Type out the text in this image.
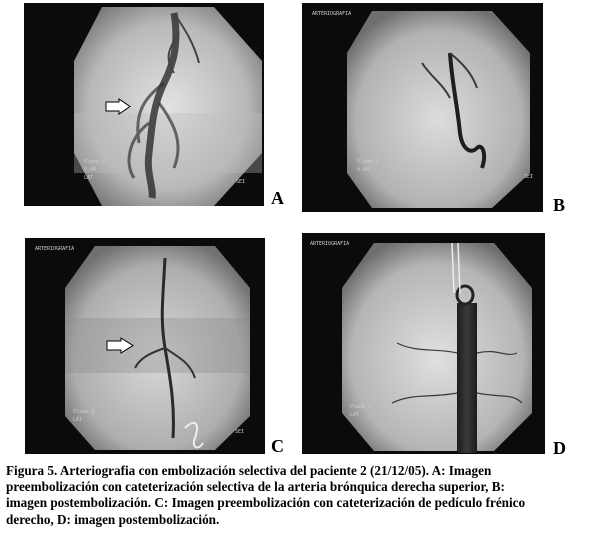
Plane 3
0.00
LAT
SEI
A
ARTERIOGRAFIA
Plane 3
0.00
SEI
B
ARTERIOGRAFIA
Plane 3
LAT
SEI
C
ARTERIOGRAFIA
Plane 3
LAT
D
Figura 5. Arteriografia con embolización selectiva del paciente 2 (21/12/05). A: Imagen
preembolización con cateterización selectiva de la arteria brónquica derecha superior, B:
imagen postembolización. C: Imagen preembolización con cateterización de pedículo frénico
derecho, D: imagen postembolización.
